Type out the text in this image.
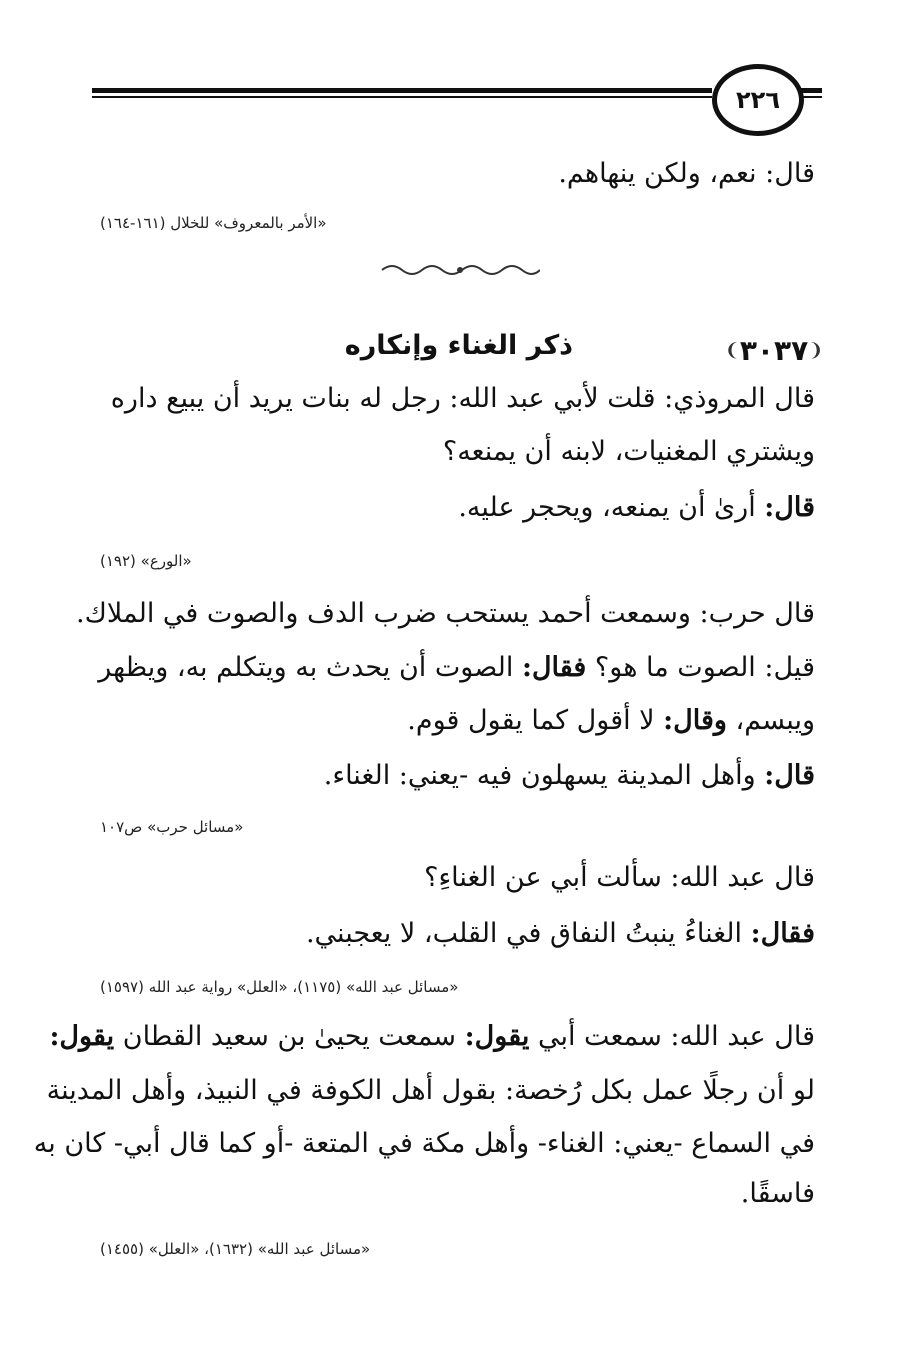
٢٢٦
قال: نعم، ولكن ينهاهم.
«الأمر بالمعروف» للخلال (١٦١-١٦٤)
❨ ٣٠٣٧ ❩
ذكر الغناء وإنكاره
قال المروذي: قلت لأبي عبد الله: رجل له بنات يريد أن يبيع داره
ويشتري المغنيات، لابنه أن يمنعه؟
قال: أرىٰ أن يمنعه، ويحجر عليه.
«الورع» (١٩٢)
قال حرب: وسمعت أحمد يستحب ضرب الدف والصوت في الملاك.
قيل: الصوت ما هو؟ فقال: الصوت أن يحدث به ويتكلم به، ويظهر
ويبسم، وقال: لا أقول كما يقول قوم.
قال: وأهل المدينة يسهلون فيه -يعني: الغناء.
«مسائل حرب» ص١٠٧
قال عبد الله: سألت أبي عن الغناءِ؟
فقال: الغناءُ ينبتُ النفاق في القلب، لا يعجبني.
«مسائل عبد الله» (١١٧٥)، «العلل» رواية عبد الله (١٥٩٧)
قال عبد الله: سمعت أبي يقول: سمعت يحيىٰ بن سعيد القطان يقول:
لو أن رجلًا عمل بكل رُخصة: بقول أهل الكوفة في النبيذ، وأهل المدينة
في السماع -يعني: الغناء- وأهل مكة في المتعة -أو كما قال أبي- كان به
فاسقًا.
«مسائل عبد الله» (١٦٣٢)، «العلل» (١٤٥٥)
